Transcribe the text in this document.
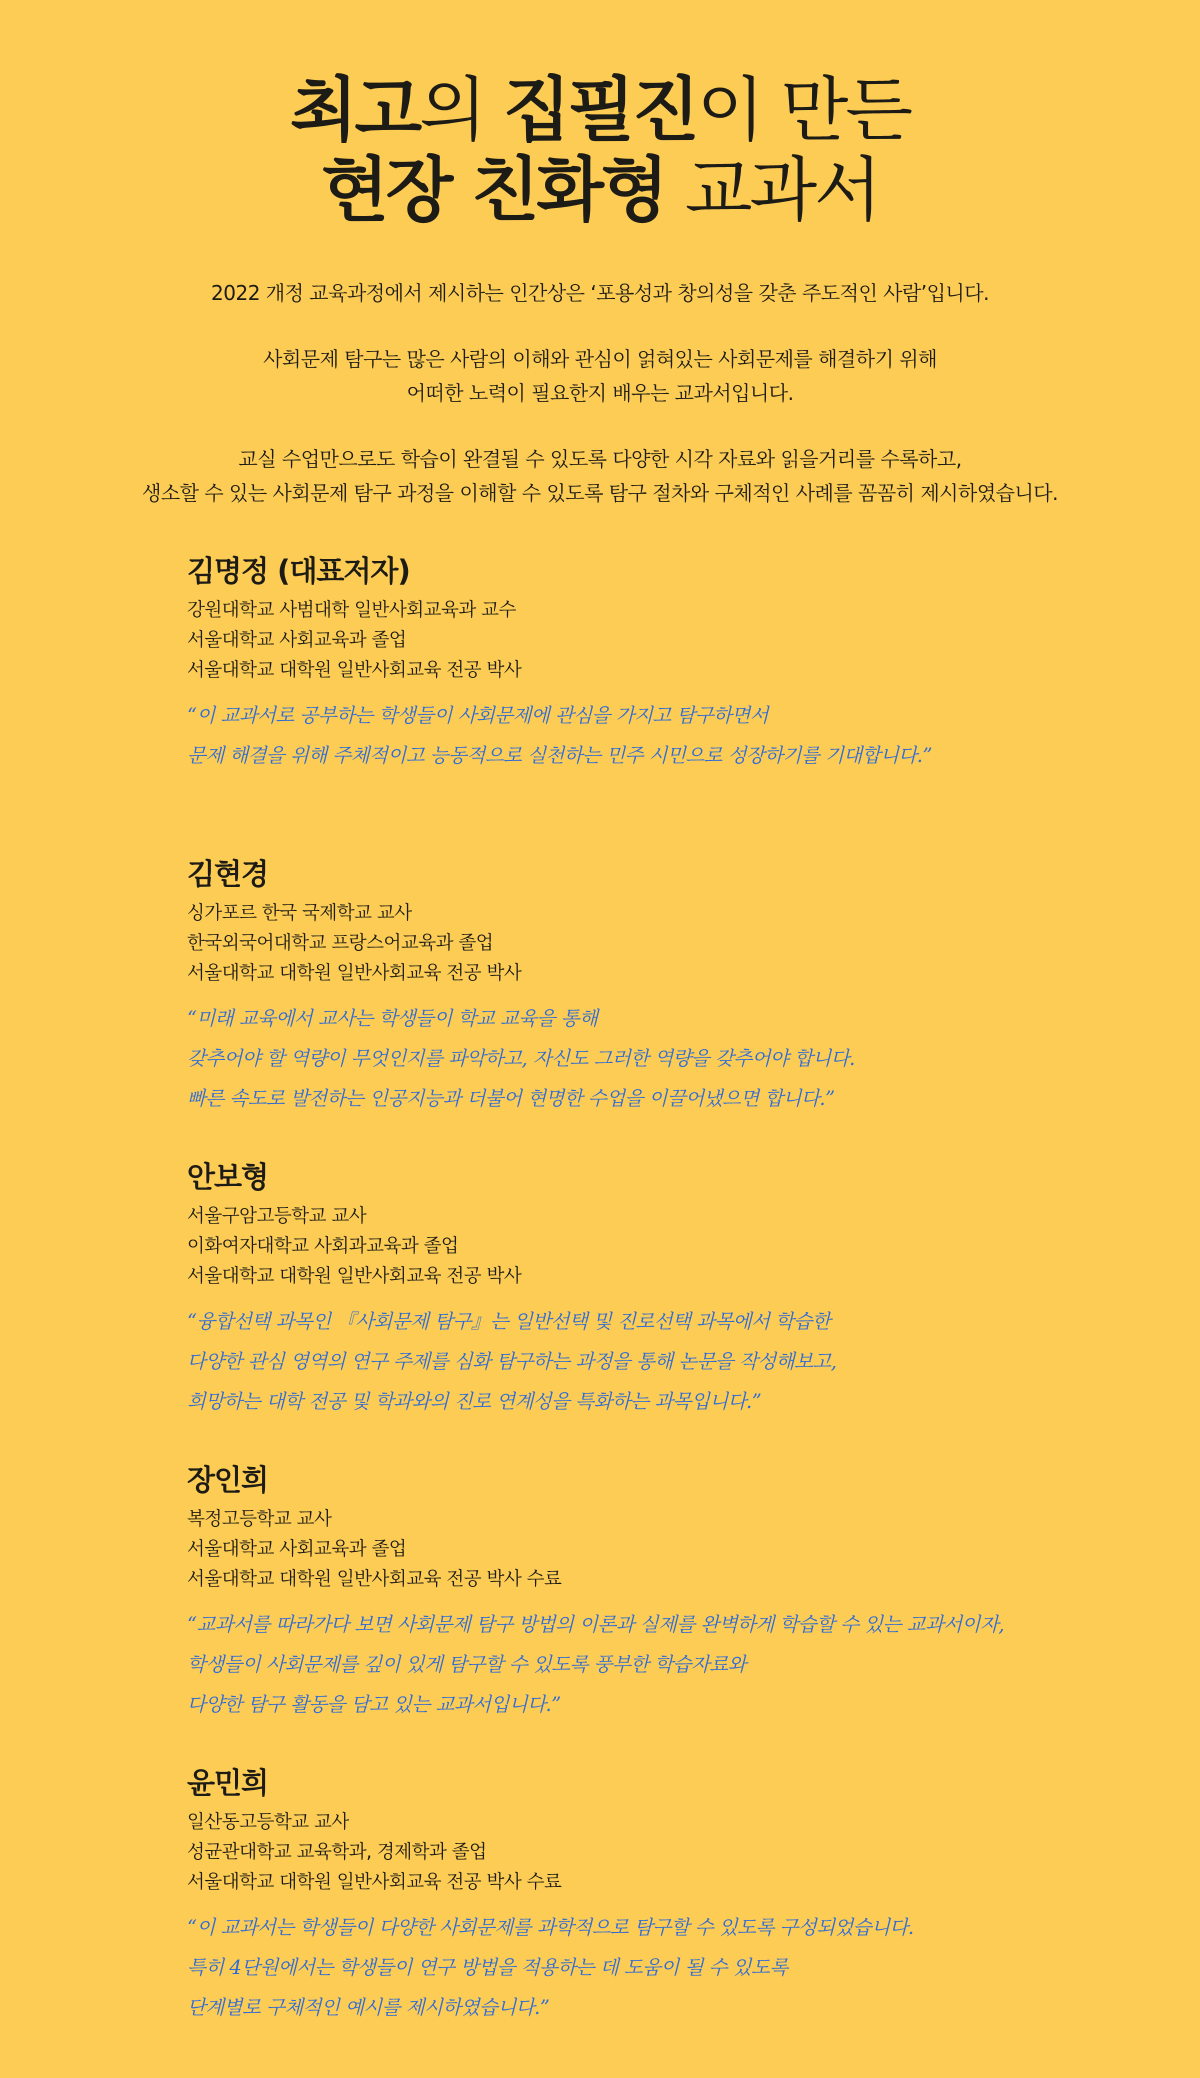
최고의 집필진이 만든
현장 친화형 교과서

2022 개정 교육과정에서 제시하는 인간상은 ‘포용성과 창의성을 갖춘 주도적인 사람’입니다.

사회문제 탐구는 많은 사람의 이해와 관심이 얽혀있는 사회문제를 해결하기 위해
어떠한 노력이 필요한지 배우는 교과서입니다.

교실 수업만으로도 학습이 완결될 수 있도록 다양한 시각 자료와 읽을거리를 수록하고,
생소할 수 있는 사회문제 탐구 과정을 이해할 수 있도록 탐구 절차와 구체적인 사례를 꼼꼼히 제시하였습니다.

김명정 (대표저자)
강원대학교 사범대학 일반사회교육과 교수
서울대학교 사회교육과 졸업
서울대학교 대학원 일반사회교육 전공 박사
“이 교과서로 공부하는 학생들이 사회문제에 관심을 가지고 탐구하면서
문제 해결을 위해 주체적이고 능동적으로 실천하는 민주 시민으로 성장하기를 기대합니다.”
김현경
싱가포르 한국 국제학교 교사
한국외국어대학교 프랑스어교육과 졸업
서울대학교 대학원 일반사회교육 전공 박사
“미래 교육에서 교사는 학생들이 학교 교육을 통해
갖추어야 할 역량이 무엇인지를 파악하고, 자신도 그러한 역량을 갖추어야 합니다.
빠른 속도로 발전하는 인공지능과 더불어 현명한 수업을 이끌어냈으면 합니다.”
안보형
서울구암고등학교 교사
이화여자대학교 사회과교육과 졸업
서울대학교 대학원 일반사회교육 전공 박사
“융합선택 과목인 『사회문제 탐구』는 일반선택 및 진로선택 과목에서 학습한
다양한 관심 영역의 연구 주제를 심화 탐구하는 과정을 통해 논문을 작성해보고,
희망하는 대학 전공 및 학과와의 진로 연계성을 특화하는 과목입니다.”
장인희
복정고등학교 교사
서울대학교 사회교육과 졸업
서울대학교 대학원 일반사회교육 전공 박사 수료
“교과서를 따라가다 보면 사회문제 탐구 방법의 이론과 실제를 완벽하게 학습할 수 있는 교과서이자,
학생들이 사회문제를 깊이 있게 탐구할 수 있도록 풍부한 학습자료와
다양한 탐구 활동을 담고 있는 교과서입니다.”
윤민희
일산동고등학교 교사
성균관대학교 교육학과, 경제학과 졸업
서울대학교 대학원 일반사회교육 전공 박사 수료
“이 교과서는 학생들이 다양한 사회문제를 과학적으로 탐구할 수 있도록 구성되었습니다.
특히 4단원에서는 학생들이 연구 방법을 적용하는 데 도움이 될 수 있도록
단계별로 구체적인 예시를 제시하였습니다.”
